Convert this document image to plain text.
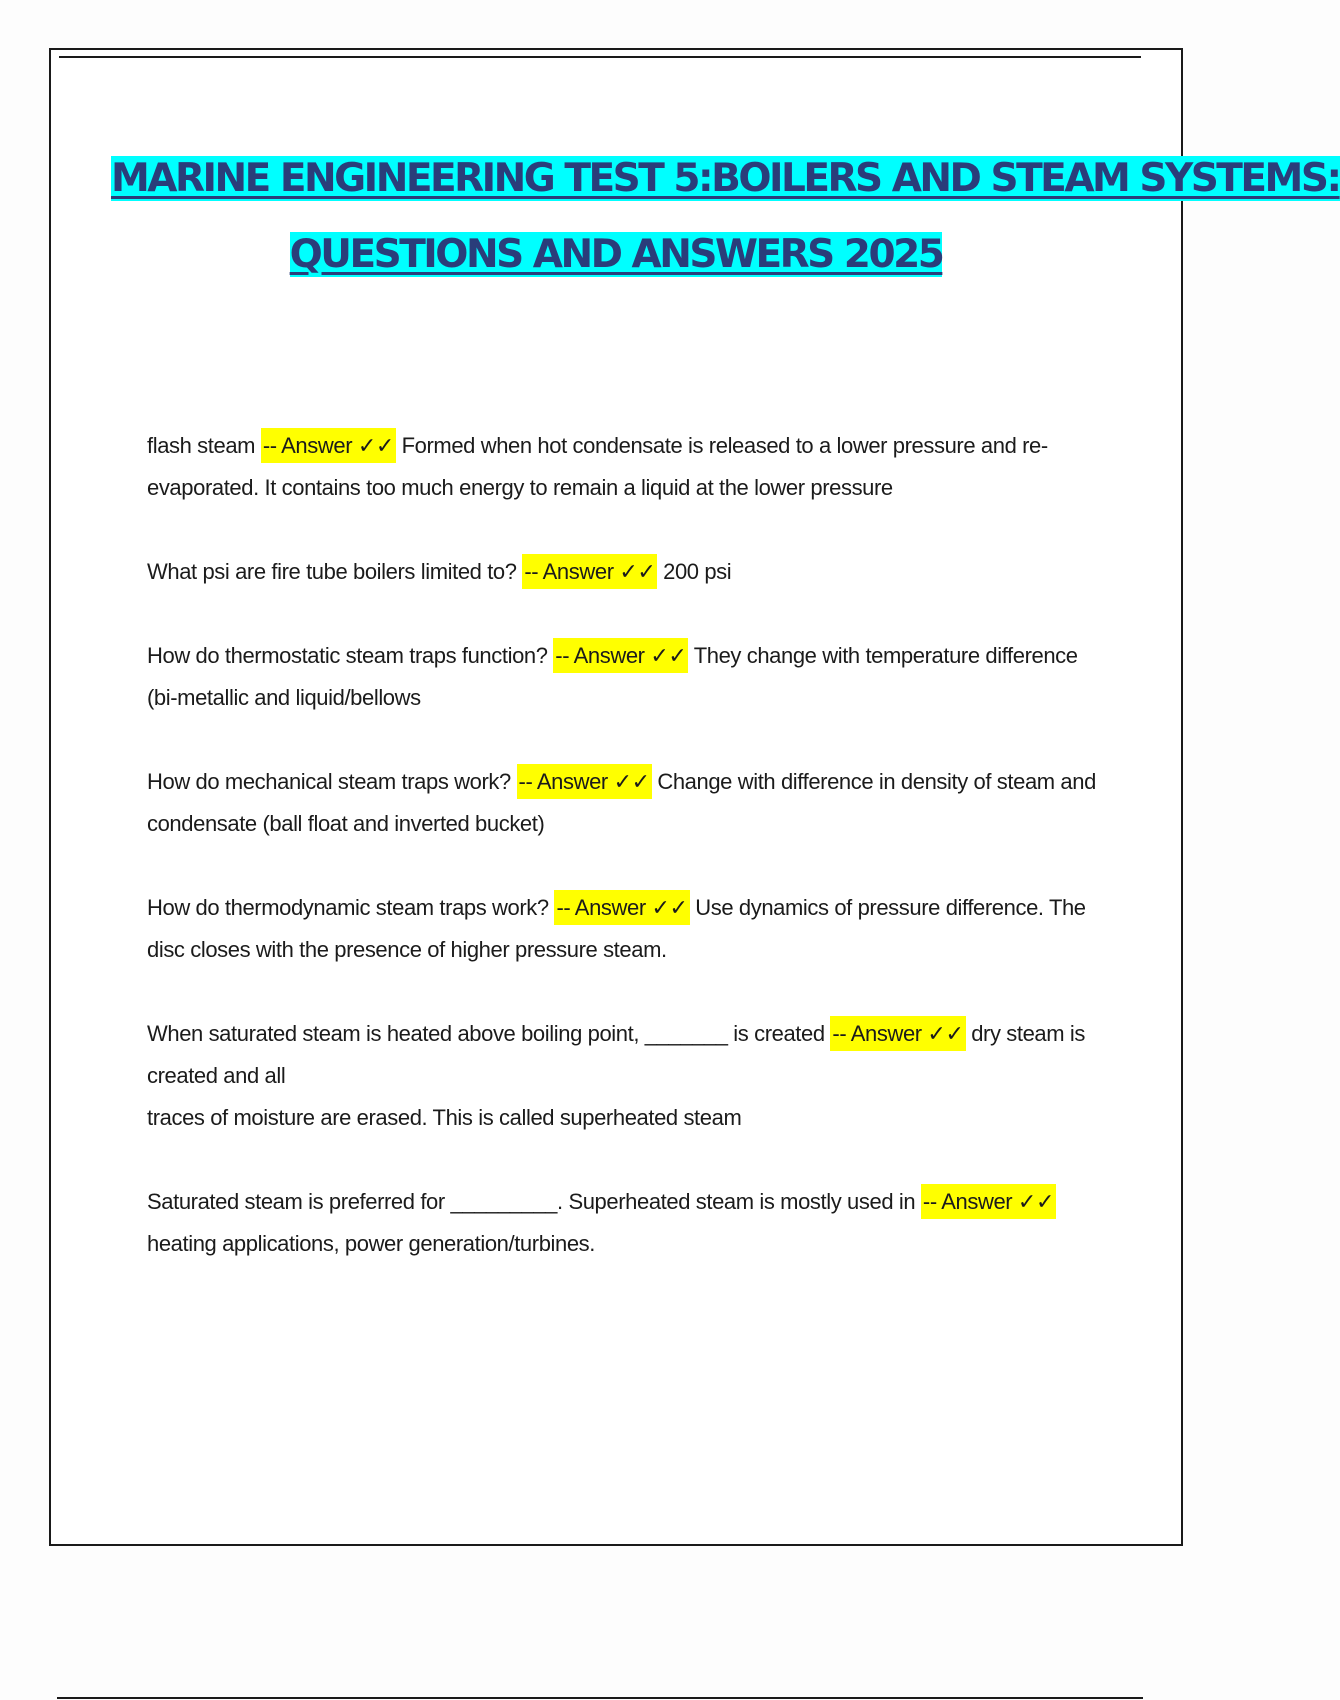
MARINE ENGINEERING TEST 5:BOILERS AND STEAM SYSTEMS:
QUESTIONS AND ANSWERS 2025
flash steam -- Answer ✓✓ Formed when hot condensate is released to a lower pressure and re-evaporated. It contains too much energy to remain a liquid at the lower pressure
What psi are fire tube boilers limited to? -- Answer ✓✓ 200 psi
How do thermostatic steam traps function? -- Answer ✓✓ They change with temperature difference (bi-metallic and liquid/bellows
How do mechanical steam traps work? -- Answer ✓✓ Change with difference in density of steam and condensate (ball float and inverted bucket)
How do thermodynamic steam traps work? -- Answer ✓✓ Use dynamics of pressure difference. The disc closes with the presence of higher pressure steam.
When saturated steam is heated above boiling point, _______ is created -- Answer ✓✓ dry steam is created and all
traces of moisture are erased. This is called superheated steam
Saturated steam is preferred for _________. Superheated steam is mostly used in -- Answer ✓✓ heating applications, power generation/turbines.
